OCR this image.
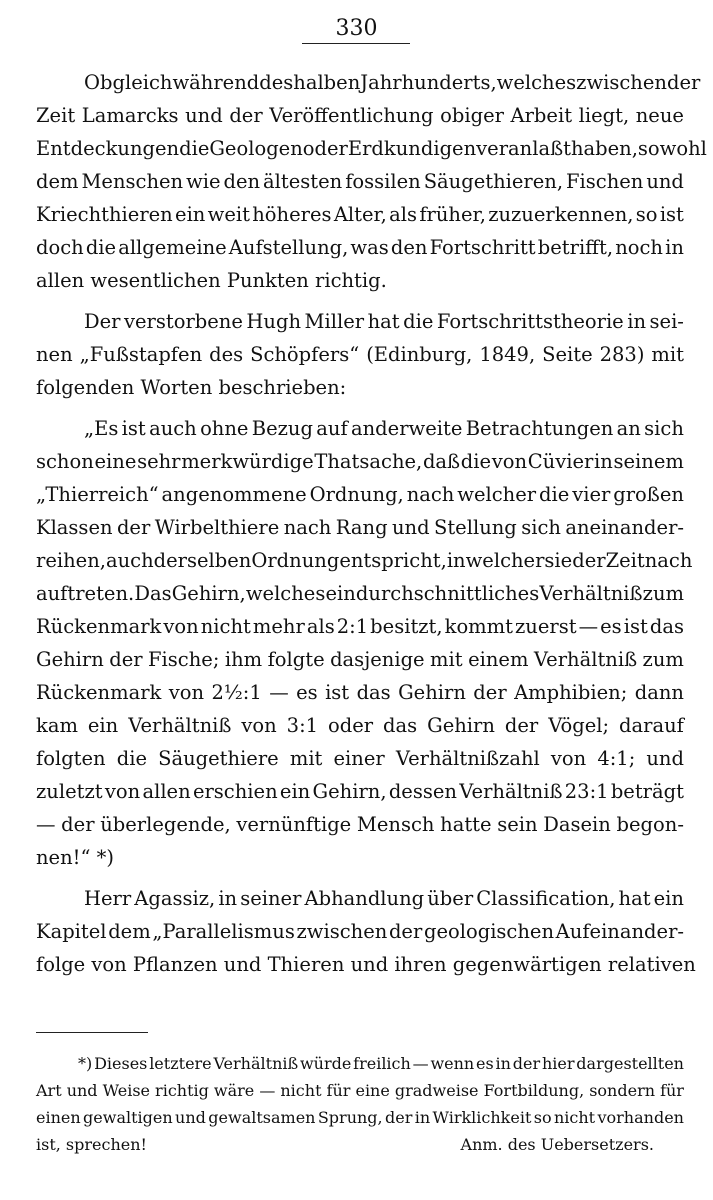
330
Obgleich während des halben Jahrhunderts, welches zwischen der
Zeit Lamarcks und der Veröffentlichung obiger Arbeit liegt, neue
Entdeckungen die Geologen oder Erdkundigen veranlaßt haben, sowohl
dem Menschen wie den ältesten fossilen Säugethieren, Fischen und
Kriechthieren ein weit höheres Alter, als früher, zuzuerkennen, so ist
doch die allgemeine Aufstellung, was den Fortschritt betrifft, noch in
allen wesentlichen Punkten richtig.
Der verstorbene Hugh Miller hat die Fortschrittstheorie in sei-
nen „Fußstapfen des Schöpfers“ (Edinburg, 1849, Seite 283) mit
folgenden Worten beschrieben:
„Es ist auch ohne Bezug auf anderweite Betrachtungen an sich
schon eine sehr merkwürdige Thatsache, daß die von Cüvier in seinem
„Thierreich“ angenommene Ordnung, nach welcher die vier großen
Klassen der Wirbelthiere nach Rang und Stellung sich aneinander-
reihen, auch derselben Ordnung entspricht, in welcher sie der Zeit nach
auftreten. Das Gehirn, welches ein durchschnittliches Verhältniß zum
Rückenmark von nicht mehr als 2:1 besitzt, kommt zuerst — es ist das
Gehirn der Fische; ihm folgte dasjenige mit einem Verhältniß zum
Rückenmark von 2½:1 — es ist das Gehirn der Amphibien; dann
kam ein Verhältniß von 3:1 oder das Gehirn der Vögel; darauf
folgten die Säugethiere mit einer Verhältnißzahl von 4:1; und
zuletzt von allen erschien ein Gehirn, dessen Verhältniß 23:1 beträgt
— der überlegende, vernünftige Mensch hatte sein Dasein begon-
nen!“ *)
Herr Agassiz, in seiner Abhandlung über Classification, hat ein
Kapitel dem „Parallelismus zwischen der geologischen Aufeinander-
folge von Pflanzen und Thieren und ihren gegenwärtigen relativen
*) Dieses letztere Verhältniß würde freilich — wenn es in der hier dargestellten
Art und Weise richtig wäre — nicht für eine gradweise Fortbildung, sondern für
einen gewaltigen und gewaltsamen Sprung, der in Wirklichkeit so nicht vorhanden
ist, sprechen!	Anm. des Uebersetzers.
